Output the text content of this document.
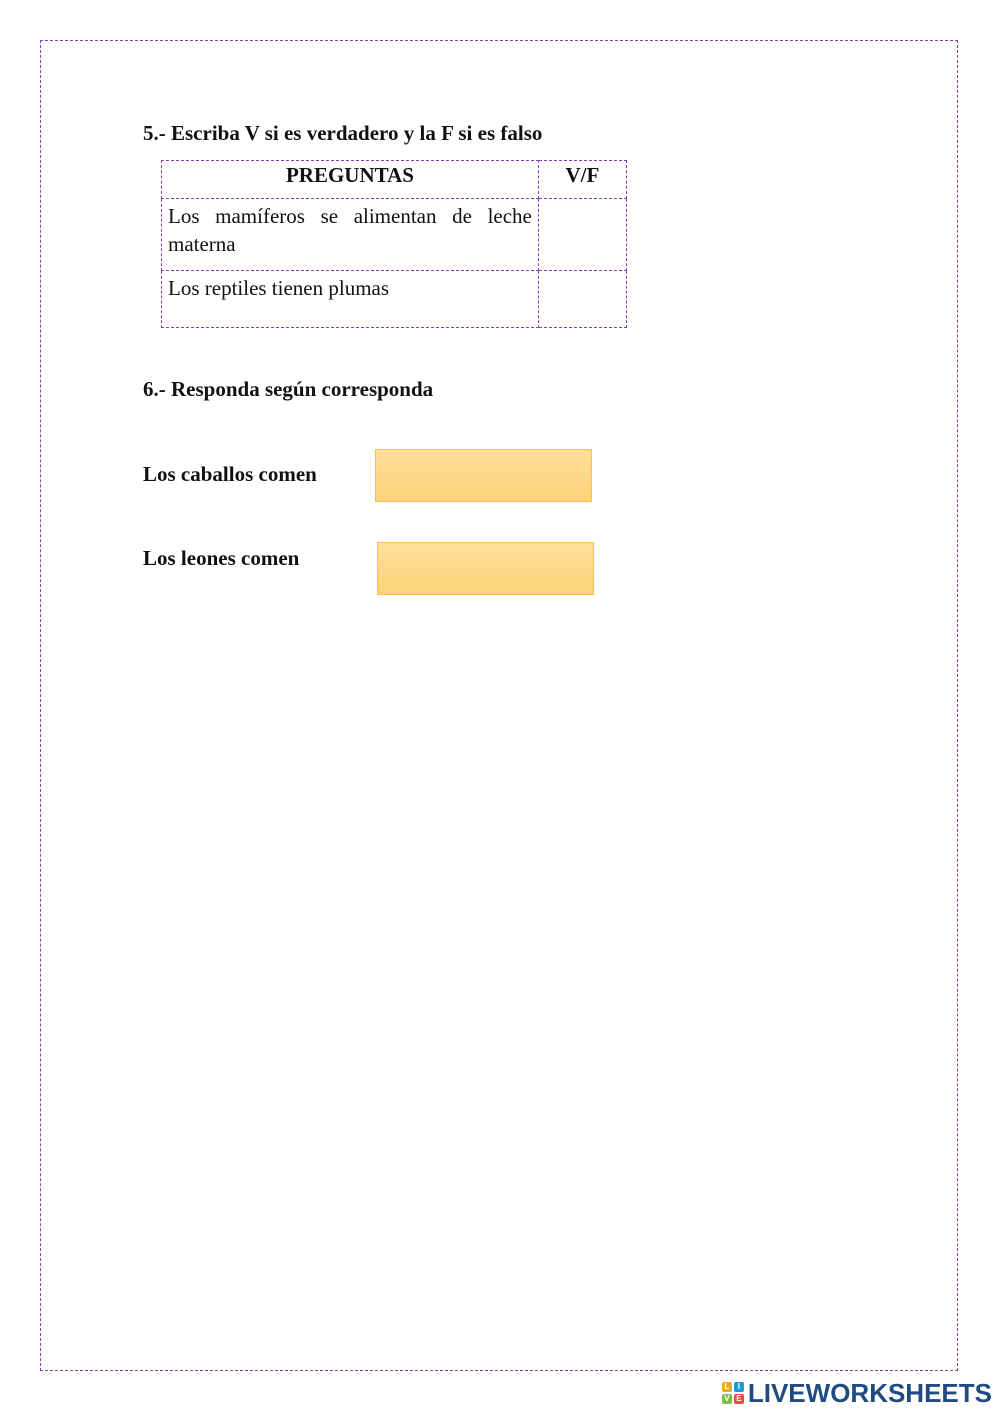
5.- Escriba V si es verdadero y la F si es falso
PREGUNTAS	V/F
Los mamíferos se alimentan de leche materna	
Los reptiles tienen plumas	
6.- Responda según corresponda
Los caballos comen
Los leones comen
L	I
V E LIVEWORKSHEETS
